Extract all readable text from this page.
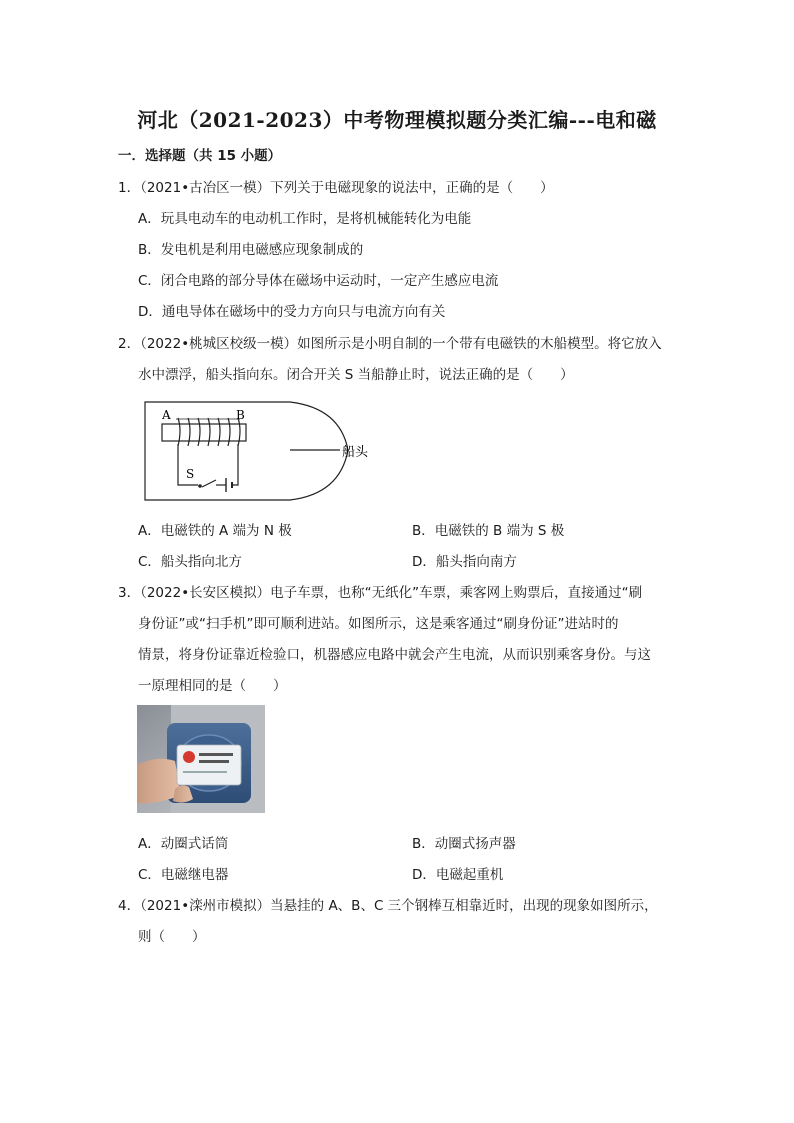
河北（2021-2023）中考物理模拟题分类汇编---电和磁
一．选择题（共 15 小题）
1．（2021•古冶区一模）下列关于电磁现象的说法中，正确的是（　　）
A．玩具电动车的电动机工作时，是将机械能转化为电能
B．发电机是利用电磁感应现象制成的
C．闭合电路的部分导体在磁场中运动时，一定产生感应电流
D．通电导体在磁场中的受力方向只与电流方向有关
2．（2022•桃城区校级一模）如图所示是小明自制的一个带有电磁铁的木船模型。将它放入
水中漂浮，船头指向东。闭合开关 S 当船静止时，说法正确的是（　　）
A	B
S
船头
A．电磁铁的 A 端为 N 极	B．电磁铁的 B 端为 S 极
C．船头指向北方	D．船头指向南方
3．（2022•长安区模拟）电子车票，也称“无纸化”车票，乘客网上购票后，直接通过“刷
身份证”或“扫手机”即可顺利进站。如图所示，这是乘客通过“刷身份证”进站时的
情景，将身份证靠近检验口，机器感应电路中就会产生电流，从而识别乘客身份。与这
一原理相同的是（　　）
A．动圈式话筒	B．动圈式扬声器
C．电磁继电器	D．电磁起重机
4．（2021•滦州市模拟）当悬挂的 A、B、C 三个钢棒互相靠近时，出现的现象如图所示，
则（　　）
